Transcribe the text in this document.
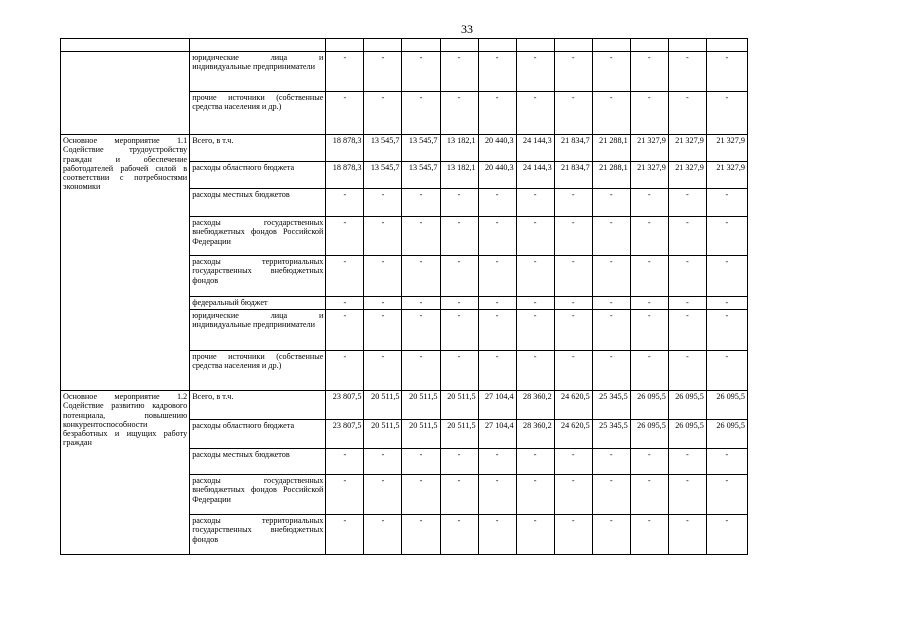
33

	юридические лица и индивидуальные предприниматели	-	-	-	-	-	-	-	-	-	-	-

	прочие источники (собственные средства населения и др.)	-	-	-	-	-	-	-	-	-	-	-

Основное мероприятие 1.1 Содействие трудоустройству граждан и обеспечение работодателей рабочей силой в соответствии с потребностями экономики	Всего, в т.ч.	18 878,3	13 545,7	13 545,7	13 182,1	20 440,3	24 144,3	21 834,7	21 288,1	21 327,9	21 327,9	21 327,9

	расходы областного бюджета	18 878,3	13 545,7	13 545,7	13 182,1	20 440,3	24 144,3	21 834,7	21 288,1	21 327,9	21 327,9	21 327,9

	расходы местных бюджетов	-	-	-	-	-	-	-	-	-	-	-

	расходы государственных внебюджетных фондов Российской Федерации	-	-	-	-	-	-	-	-	-	-	-

	расходы территориальных государственных внебюджетных фондов	-	-	-	-	-	-	-	-	-	-	-

	федеральный бюджет	-	-	-	-	-	-	-	-	-	-	-

	юридические лица и индивидуальные предприниматели	-	-	-	-	-	-	-	-	-	-	-

	прочие источники (собственные средства населения и др.)	-	-	-	-	-	-	-	-	-	-	-

Основное мероприятие 1.2 Содействие развитию кадрового потенциала, повышению конкурентоспособности безработных и ищущих работу граждан	Всего, в т.ч.	23 807,5	20 511,5	20 511,5	20 511,5	27 104,4	28 360,2	24 620,5	25 345,5	26 095,5	26 095,5	26 095,5

	расходы областного бюджета	23 807,5	20 511,5	20 511,5	20 511,5	27 104,4	28 360,2	24 620,5	25 345,5	26 095,5	26 095,5	26 095,5

	расходы местных бюджетов	-	-	-	-	-	-	-	-	-	-	-

	расходы государственных внебюджетных фондов Российской Федерации	-	-	-	-	-	-	-	-	-	-	-

	расходы территориальных государственных внебюджетных фондов	-	-	-	-	-	-	-	-	-	-	-
